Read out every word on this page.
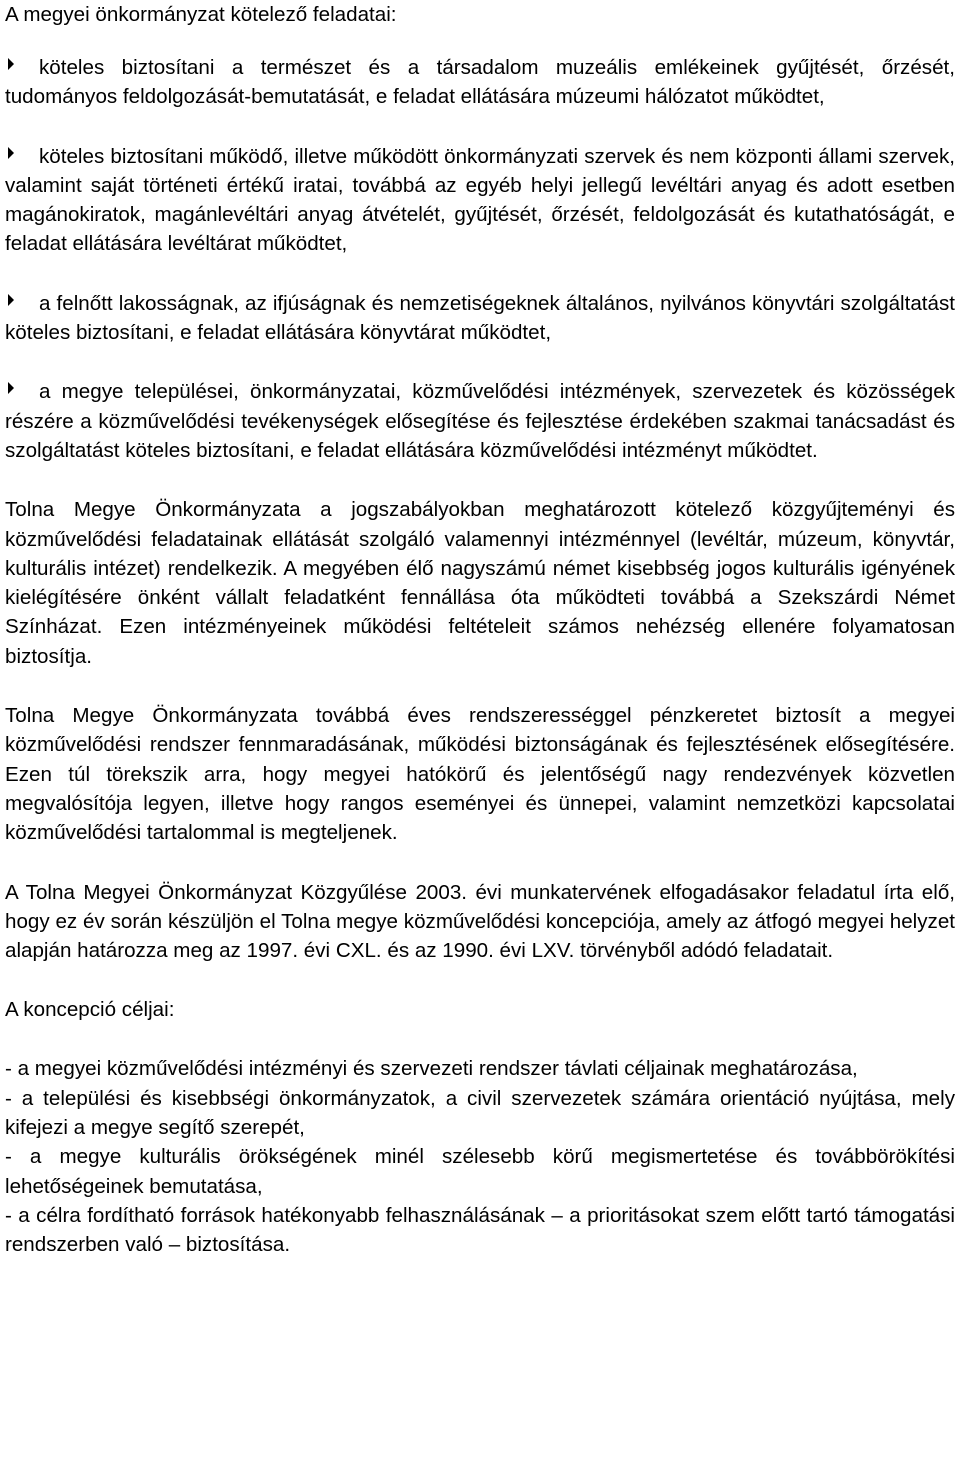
A megyei önkormányzat kötelező feladatai:

köteles biztosítani a természet és a társadalom muzeális emlékeinek gyűjtését, őrzését, tudományos feldolgozását-bemutatását, e feladat ellátására múzeumi hálózatot működtet,

köteles biztosítani működő, illetve működött önkormányzati szervek és nem központi állami szervek, valamint saját történeti értékű iratai, továbbá az egyéb helyi jellegű levéltári anyag és adott esetben magánokiratok, magánlevéltári anyag átvételét, gyűjtését, őrzését, feldolgozását és kutathatóságát, e feladat ellátására levéltárat működtet,

a felnőtt lakosságnak, az ifjúságnak és nemzetiségeknek általános, nyilvános könyvtári szolgáltatást köteles biztosítani, e feladat ellátására könyvtárat működtet,

a megye települései, önkormányzatai, közművelődési intézmények, szervezetek és közösségek részére a közművelődési tevékenységek elősegítése és fejlesztése érdekében szakmai tanácsadást és szolgáltatást köteles biztosítani, e feladat ellátására közművelődési intézményt működtet.

Tolna Megye Önkormányzata a jogszabályokban meghatározott kötelező közgyűjteményi és közművelődési feladatainak ellátását szolgáló valamennyi intézménnyel (levéltár, múzeum, könyvtár, kulturális intézet) rendelkezik. A megyében élő nagyszámú német kisebbség jogos kulturális igényének kielégítésére önként vállalt feladatként fennállása óta működteti továbbá a Szekszárdi Német Színházat. Ezen intézményeinek működési feltételeit számos nehézség ellenére folyamatosan biztosítja.

Tolna Megye Önkormányzata továbbá éves rendszerességgel pénzkeretet biztosít a megyei közművelődési rendszer fennmaradásának, működési biztonságának és fejlesztésének elősegítésére. Ezen túl törekszik arra, hogy megyei hatókörű és jelentőségű nagy rendezvények közvetlen megvalósítója legyen, illetve hogy rangos eseményei és ünnepei, valamint nemzetközi kapcsolatai közművelődési tartalommal is megteljenek.

A Tolna Megyei Önkormányzat Közgyűlése 2003. évi munkatervének elfogadásakor feladatul írta elő, hogy ez év során készüljön el Tolna megye közművelődési koncepciója, amely az átfogó megyei helyzet alapján határozza meg az 1997. évi CXL. és az 1990. évi LXV. törvényből adódó feladatait.

A koncepció céljai:

- a megyei közművelődési intézményi és szervezeti rendszer távlati céljainak meghatározása,

- a települési és kisebbségi önkormányzatok, a civil szervezetek számára orientáció nyújtása, mely kifejezi a megye segítő szerepét,

- a megye kulturális örökségének minél szélesebb körű megismertetése és továbbörökítési lehetőségeinek bemutatása,

- a célra fordítható források hatékonyabb felhasználásának – a prioritásokat szem előtt tartó támogatási rendszerben való – biztosítása.
